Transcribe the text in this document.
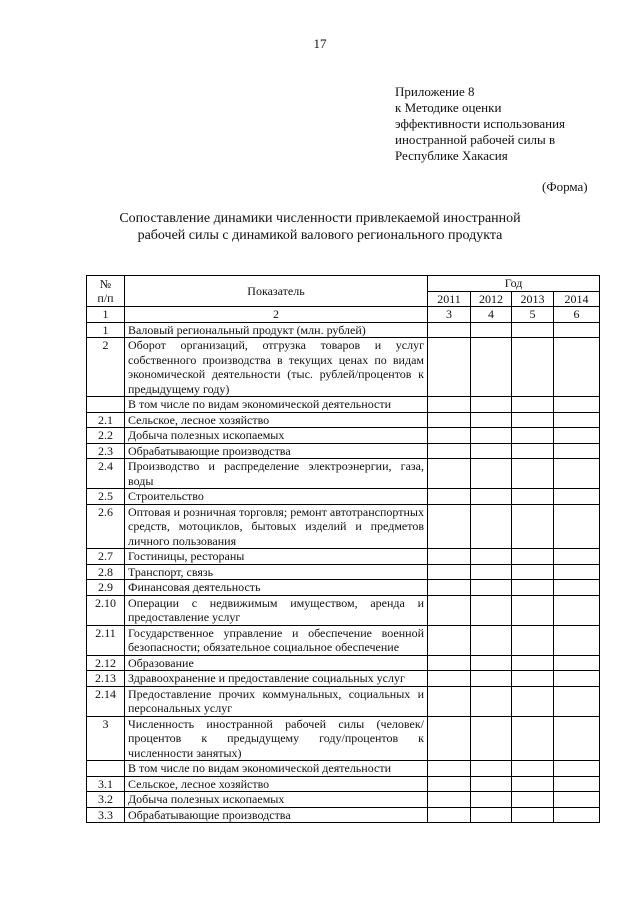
17
Приложение 8
к Методике оценки
эффективности использования
иностранной рабочей силы в
Республике Хакасия
(Форма)
Сопоставление динамики численности привлекаемой иностранной
рабочей силы с динамикой валового регионального продукта
№
п/п	Показатель	Год			
		2011	2012	2013	2014
1	2	3	4	5	6
1	Валовый региональный продукт (млн. рублей)				
2	Оборот организаций, отгрузка товаров и услуг собственного производства в текущих ценах по видам экономической деятельности (тыс. рублей/процентов к предыдущему году)				
	В том числе по видам экономической деятельности				
2.1	Сельское, лесное хозяйство				
2.2	Добыча полезных ископаемых				
2.3	Обрабатывающие производства				
2.4	Производство и распределение электроэнергии, газа, воды				
2.5	Строительство				
2.6	Оптовая и розничная торговля; ремонт автотранспортных средств, мотоциклов, бытовых изделий и предметов личного пользования				
2.7	Гостиницы, рестораны				
2.8	Транспорт, связь				
2.9	Финансовая деятельность				
2.10	Операции с недвижимым имуществом, аренда и предоставление услуг				
2.11	Государственное управление и обеспечение военной безопасности; обязательное социальное обеспечение				
2.12	Образование				
2.13	Здравоохранение и предоставление социальных услуг				
2.14	Предоставление прочих коммунальных, социальных и персональных услуг				
3	Численность иностранной рабочей силы (человек/процентов к предыдущему году/процентов к численности занятых)				
	В том числе по видам экономической деятельности				
3.1	Сельское, лесное хозяйство				
3.2	Добыча полезных ископаемых				
3.3	Обрабатывающие производства				
